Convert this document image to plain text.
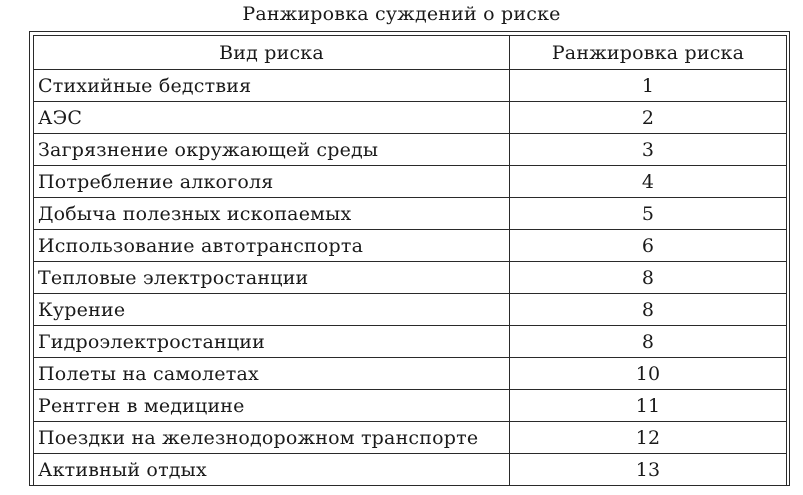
Ранжировка суждений о риске
Вид риска	Ранжировка риска
Стихийные бедствия	1
АЭС	2
Загрязнение окружающей среды	3
Потребление алкоголя	4
Добыча полезных ископаемых	5
Использование автотранспорта	6
Тепловые электростанции	8
Курение	8
Гидроэлектростанции	8
Полеты на самолетах	10
Рентген в медицине	11
Поездки на железнодорожном транспорте	12
Активный отдых	13
